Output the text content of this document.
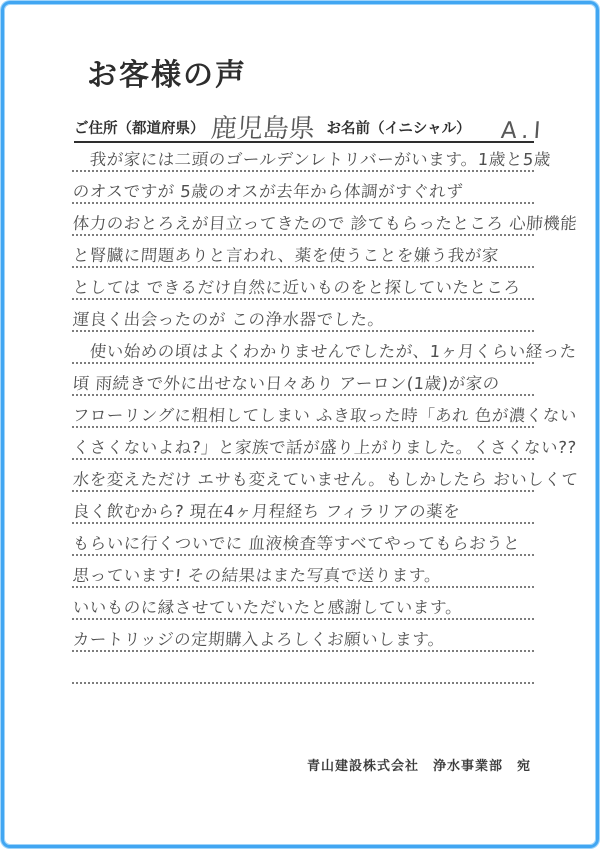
お客様の声
ご住所（都道府県） 鹿児島県 お名前（イニシャル） A.I
　我が家には二頭のゴールデンレトリバーがいます。1歳と5歳
のオスですが 5歳のオスが去年から体調がすぐれず
体力のおとろえが目立ってきたので 診てもらったところ 心肺機能
と腎臓に問題ありと言われ、薬を使うことを嫌う我が家
としては できるだけ自然に近いものをと探していたところ
運良く出会ったのが この浄水器でした。
　使い始めの頃はよくわかりませんでしたが、1ヶ月くらい経った
頃 雨続きで外に出せない日々あり アーロン(1歳)が家の
フローリングに粗相してしまい ふき取った時「あれ 色が濃くない
くさくないよね?」と家族で話が盛り上がりました。くさくない??
水を変えただけ エサも変えていません。もしかしたら おいしくて
良く飲むから? 現在4ヶ月程経ち フィラリアの薬を
もらいに行くついでに 血液検査等すべてやってもらおうと
思っています! その結果はまた写真で送ります。
いいものに縁させていただいたと感謝しています。
カートリッジの定期購入よろしくお願いします。
青山建設株式会社　浄水事業部　宛
